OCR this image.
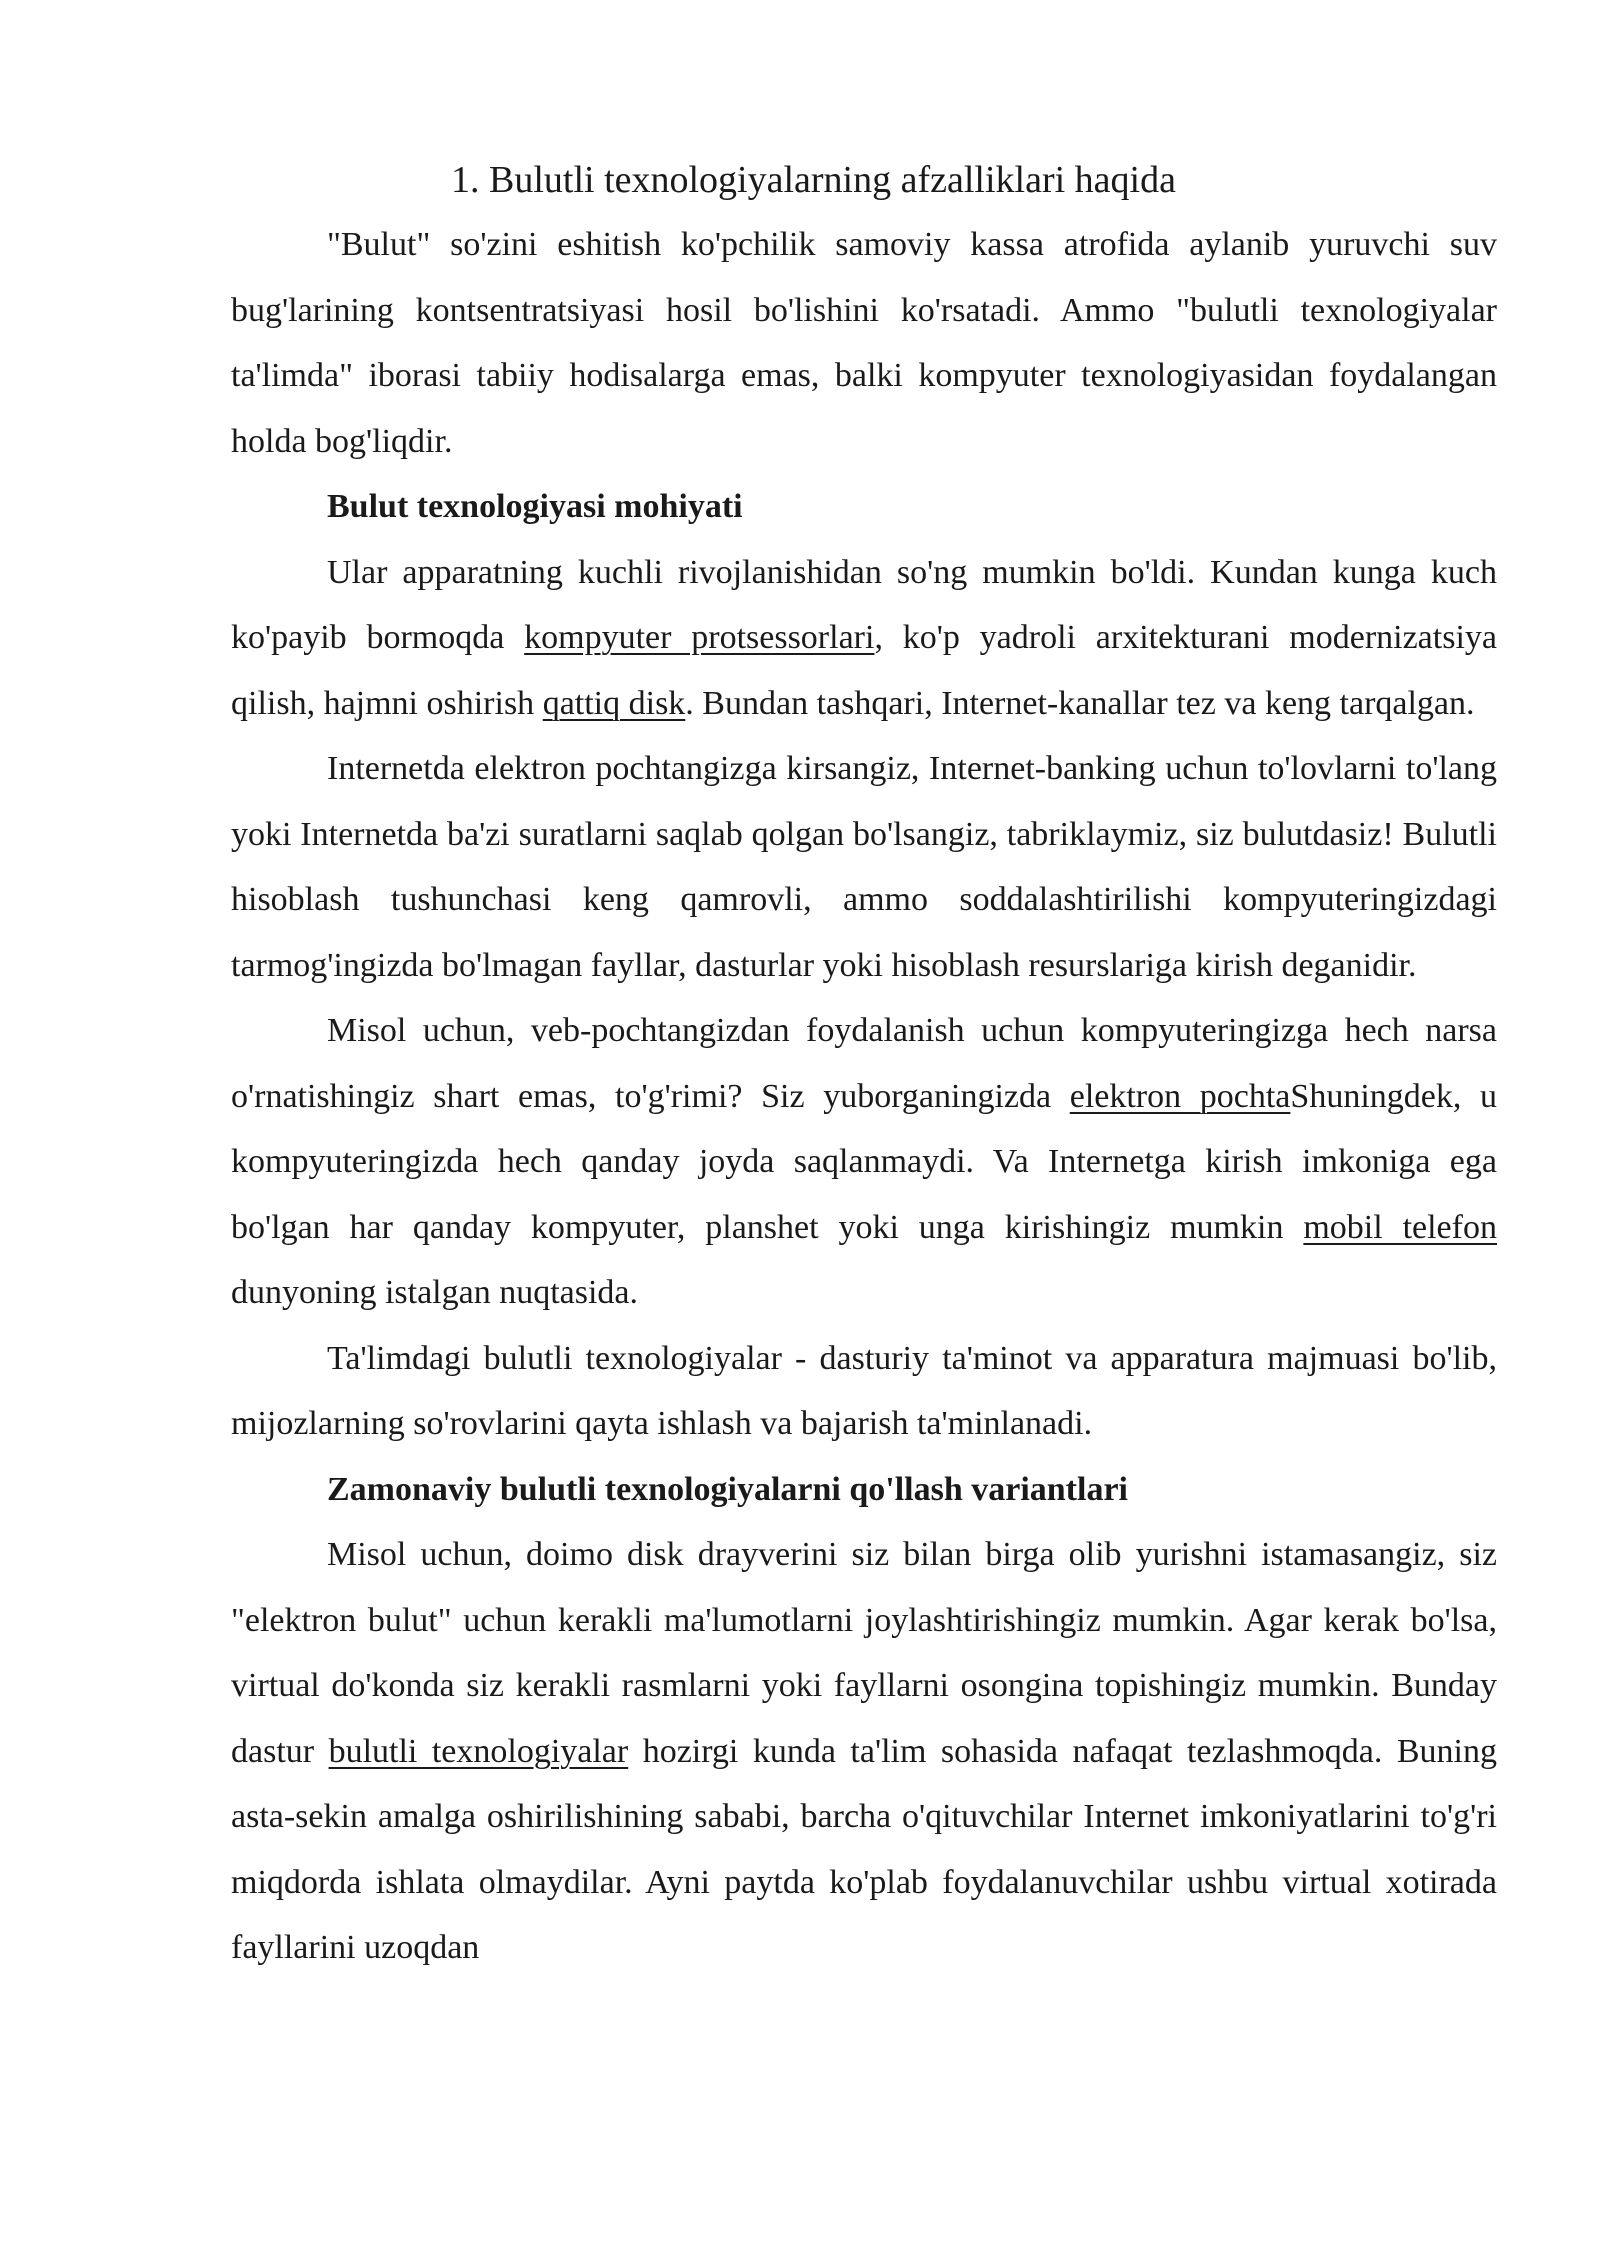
1. Bulutli texnologiyalarning afzalliklari haqida

"Bulut" so'zini eshitish ko'pchilik samoviy kassa atrofida aylanib yuruvchi suv bug'larining kontsentratsiyasi hosil bo'lishini ko'rsatadi. Ammo "bulutli texnologiyalar ta'limda" iborasi tabiiy hodisalarga emas, balki kompyuter texnologiyasidan foydalangan holda bog'liqdir.

Bulut texnologiyasi mohiyati

Ular apparatning kuchli rivojlanishidan so'ng mumkin bo'ldi. Kundan kunga kuch ko'payib bormoqda kompyuter protsessorlari, ko'p yadroli arxitekturani modernizatsiya qilish, hajmni oshirish qattiq disk. Bundan tashqari, Internet-kanallar tez va keng tarqalgan.

Internetda elektron pochtangizga kirsangiz, Internet-banking uchun to'lovlarni to'lang yoki Internetda ba'zi suratlarni saqlab qolgan bo'lsangiz, tabriklaymiz, siz bulutdasiz! Bulutli hisoblash tushunchasi keng qamrovli, ammo soddalashtirilishi kompyuteringizdagi tarmog'ingizda bo'lmagan fayllar, dasturlar yoki hisoblash resurslariga kirish deganidir.

Misol uchun, veb-pochtangizdan foydalanish uchun kompyuteringizga hech narsa o'rnatishingiz shart emas, to'g'rimi? Siz yuborganingizda elektron pochtaShuningdek, u kompyuteringizda hech qanday joyda saqlanmaydi. Va Internetga kirish imkoniga ega bo'lgan har qanday kompyuter, planshet yoki unga kirishingiz mumkin mobil telefon dunyoning istalgan nuqtasida.

Ta'limdagi bulutli texnologiyalar - dasturiy ta'minot va apparatura majmuasi bo'lib, mijozlarning so'rovlarini qayta ishlash va bajarish ta'minlanadi.

Zamonaviy bulutli texnologiyalarni qo'llash variantlari

Misol uchun, doimo disk drayverini siz bilan birga olib yurishni istamasangiz, siz "elektron bulut" uchun kerakli ma'lumotlarni joylashtirishingiz mumkin. Agar kerak bo'lsa, virtual do'konda siz kerakli rasmlarni yoki fayllarni osongina topishingiz mumkin. Bunday dastur bulutli texnologiyalar hozirgi kunda ta'lim sohasida nafaqat tezlashmoqda. Buning asta-sekin amalga oshirilishining sababi, barcha o'qituvchilar Internet imkoniyatlarini to'g'ri miqdorda ishlata olmaydilar. Ayni paytda ko'plab foydalanuvchilar ushbu virtual xotirada fayllarini uzoqdan
